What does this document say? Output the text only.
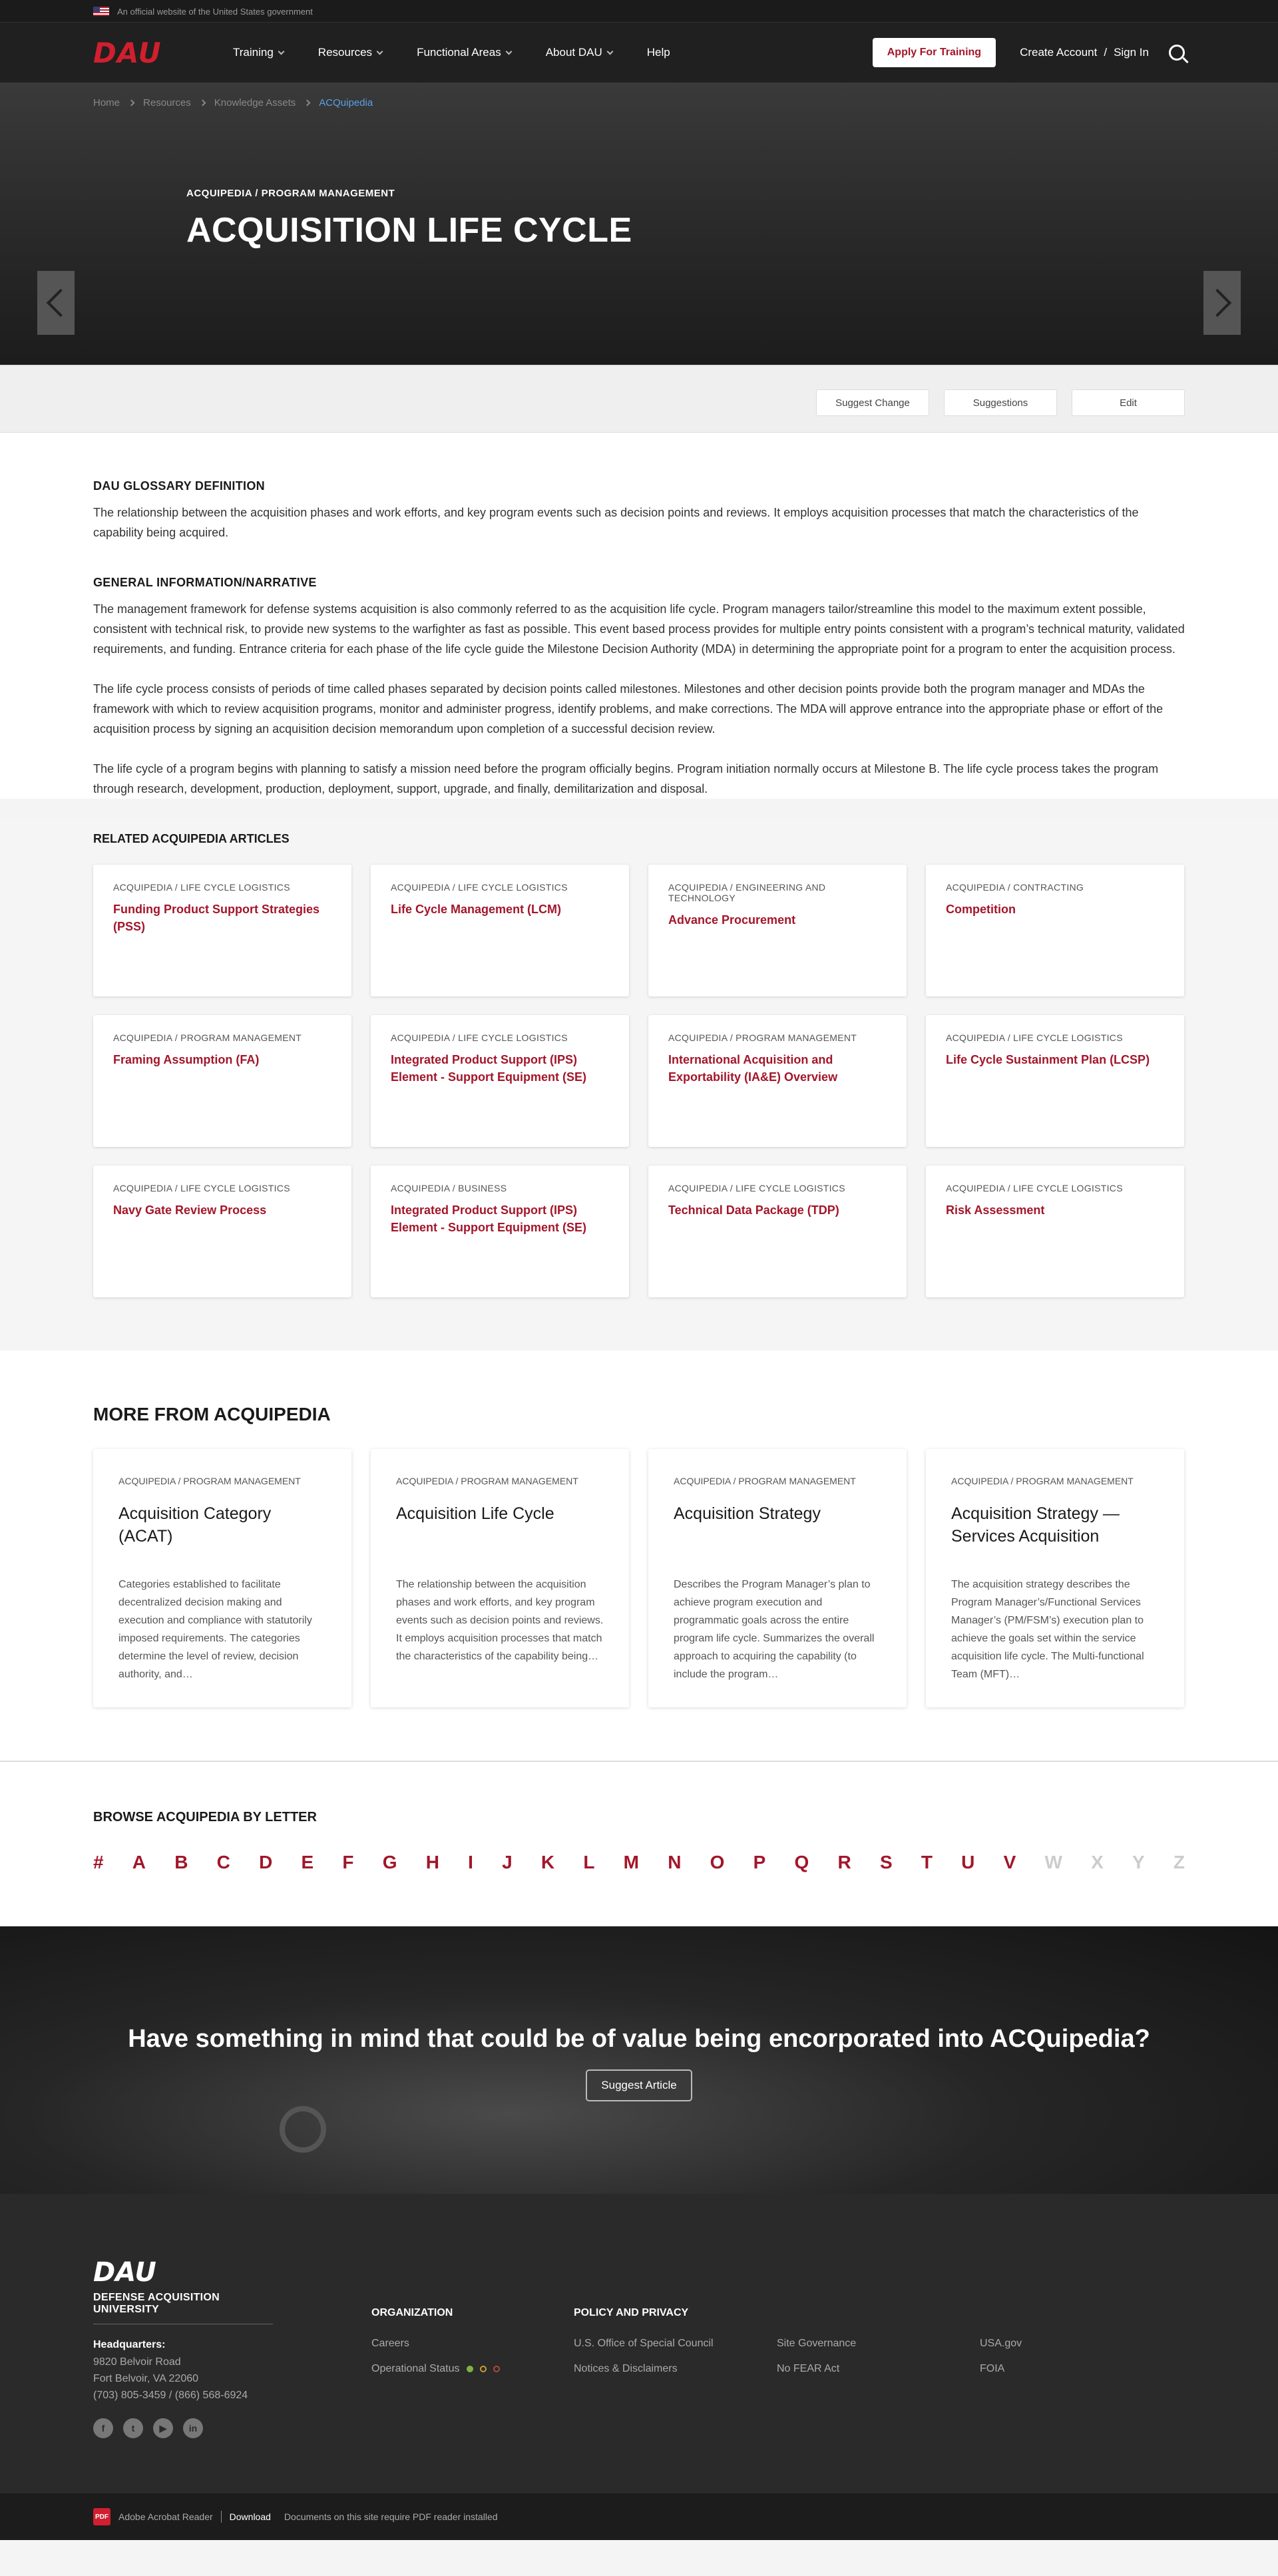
An official website of the United States government
DAU	Training	Resources	Functional Areas	About DAU	Help	Apply For Training	Create Account / Sign In
Home Resources Knowledge Assets ACQuipedia
ACQUIPEDIA / PROGRAM MANAGEMENT
ACQUISITION LIFE CYCLE
Suggest Change	Suggestions	Edit
DAU GLOSSARY DEFINITION

The relationship between the acquisition phases and work efforts, and key program events such as decision points and reviews. It employs acquisition processes that match the characteristics of the capability being acquired.

GENERAL INFORMATION/NARRATIVE

The management framework for defense systems acquisition is also commonly referred to as the acquisition life cycle. Program managers tailor/streamline this model to the maximum extent possible, consistent with technical risk, to provide new systems to the warfighter as fast as possible. This event based process provides for multiple entry points consistent with a program’s technical maturity, validated requirements, and funding. Entrance criteria for each phase of the life cycle guide the Milestone Decision Authority (MDA) in determining the appropriate point for a program to enter the acquisition process.

The life cycle process consists of periods of time called phases separated by decision points called milestones. Milestones and other decision points provide both the program manager and MDAs the framework with which to review acquisition programs, monitor and administer progress, identify problems, and make corrections. The MDA will approve entrance into the appropriate phase or effort of the acquisition process by signing an acquisition decision memorandum upon completion of a successful decision review.

The life cycle of a program begins with planning to satisfy a mission need before the program officially begins. Program initiation normally occurs at Milestone B. The life cycle process takes the program through research, development, production, deployment, support, upgrade, and finally, demilitarization and disposal.

RELATED ACQUIPEDIA ARTICLES
ACQUIPEDIA / LIFE CYCLE LOGISTICS
Funding Product Support Strategies (PSS)
ACQUIPEDIA / LIFE CYCLE LOGISTICS
Life Cycle Management (LCM)
ACQUIPEDIA / ENGINEERING AND TECHNOLOGY
Advance Procurement
ACQUIPEDIA / CONTRACTING
Competition
ACQUIPEDIA / PROGRAM MANAGEMENT
Framing Assumption (FA)
ACQUIPEDIA / LIFE CYCLE LOGISTICS
Integrated Product Support (IPS) Element - Support Equipment (SE)
ACQUIPEDIA / PROGRAM MANAGEMENT
International Acquisition and Exportability (IA&E) Overview
ACQUIPEDIA / LIFE CYCLE LOGISTICS
Life Cycle Sustainment Plan (LCSP)
ACQUIPEDIA / LIFE CYCLE LOGISTICS
Navy Gate Review Process
ACQUIPEDIA / BUSINESS
Integrated Product Support (IPS) Element - Support Equipment (SE)
ACQUIPEDIA / LIFE CYCLE LOGISTICS
Technical Data Package (TDP)
ACQUIPEDIA / LIFE CYCLE LOGISTICS
Risk Assessment
MORE FROM ACQUIPEDIA
ACQUIPEDIA / PROGRAM MANAGEMENT
Acquisition Category (ACAT)
Categories established to facilitate decentralized decision making and execution and compliance with statutorily imposed requirements. The categories determine the level of review, decision authority, and…
ACQUIPEDIA / PROGRAM MANAGEMENT
Acquisition Life Cycle
The relationship between the acquisition phases and work efforts, and key program events such as decision points and reviews. It employs acquisition processes that match the characteristics of the capability being…
ACQUIPEDIA / PROGRAM MANAGEMENT
Acquisition Strategy
Describes the Program Manager’s plan to achieve program execution and programmatic goals across the entire program life cycle. Summarizes the overall approach to acquiring the capability (to include the program…
ACQUIPEDIA / PROGRAM MANAGEMENT
Acquisition Strategy — Services Acquisition
The acquisition strategy describes the Program Manager’s/Functional Services Manager’s (PM/FSM’s) execution plan to achieve the goals set within the service acquisition life cycle. The Multi-functional Team (MFT)…
BROWSE ACQUIPEDIA BY LETTER
# A B C D E F G H I J K L M N O P Q R S T U V W X Y Z
Have something in mind that could be of value being encorporated into ACQuipedia?
Suggest Article
DAU
DEFENSE ACQUISITION UNIVERSITY
Headquarters:
9820 Belvoir Road
Fort Belvoir, VA 22060
(703) 805-3459 / (866) 568-6924
f	t	▶	in
ORGANIZATION
Careers
Operational Status
POLICY AND PRIVACY
U.S. Office of Special Council	Site Governance	USA.gov
Notices & Disclaimers	No FEAR Act	FOIA
PDF Adobe Acrobat Reader Download Documents on this site require PDF reader installed
